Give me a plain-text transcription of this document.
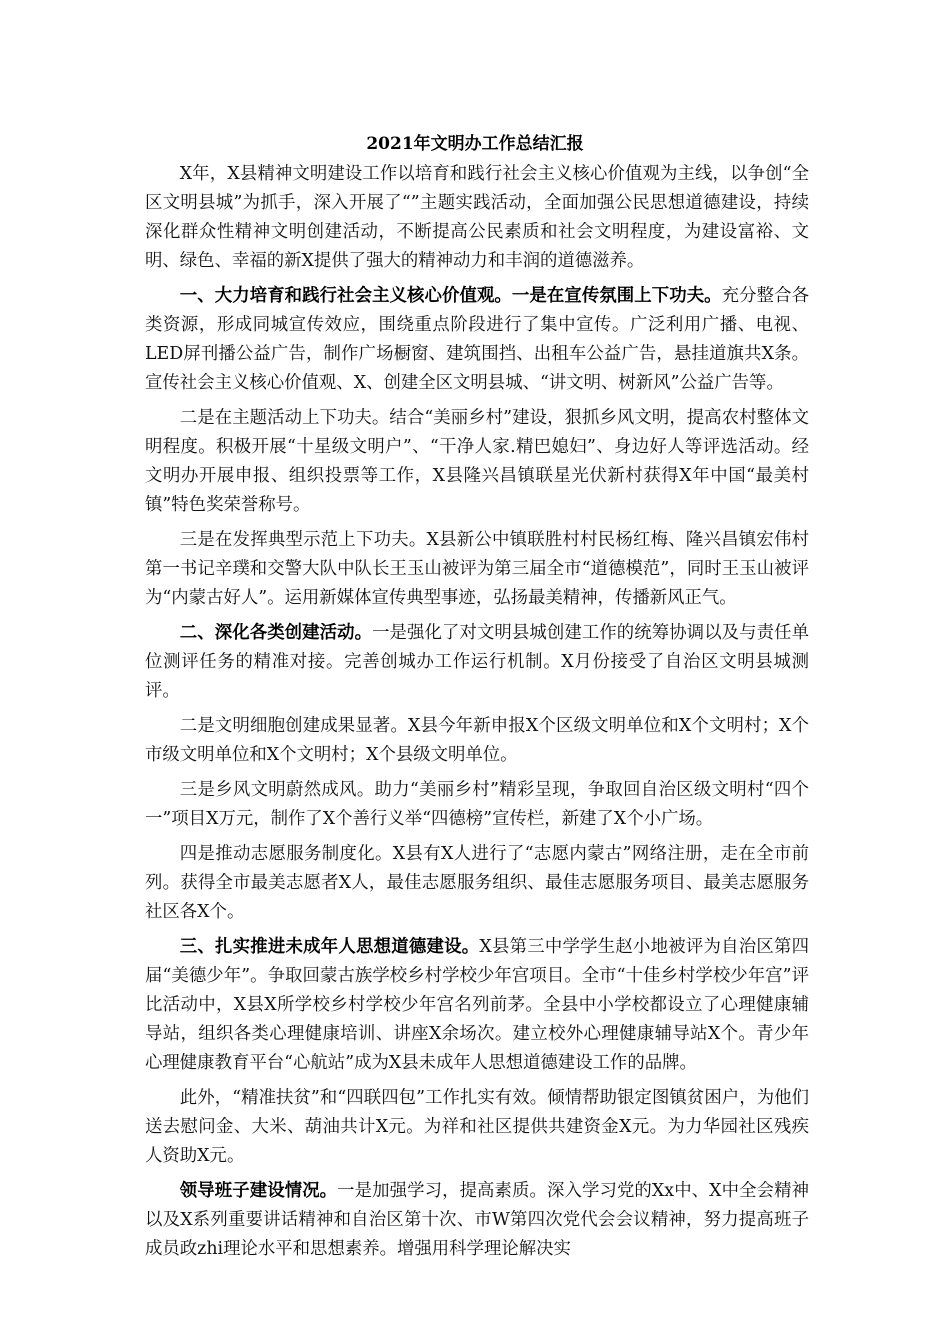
2021年文明办工作总结汇报

X年，X县精神文明建设工作以培育和践行社会主义核心价值观为主线，以争创“全区文明县城”为抓手，深入开展了“”主题实践活动，全面加强公民思想道德建设，持续深化群众性精神文明创建活动，不断提高公民素质和社会文明程度，为建设富裕、文明、绿色、幸福的新X提供了强大的精神动力和丰润的道德滋养。

一、大力培育和践行社会主义核心价值观。一是在宣传氛围上下功夫。充分整合各类资源，形成同城宣传效应，围绕重点阶段进行了集中宣传。广泛利用广播、电视、LED屏刊播公益广告，制作广场橱窗、建筑围挡、出租车公益广告，悬挂道旗共X条。宣传社会主义核心价值观、X、创建全区文明县城、“讲文明、树新风”公益广告等。

二是在主题活动上下功夫。结合“美丽乡村”建设，狠抓乡风文明，提高农村整体文明程度。积极开展“十星级文明户”、“干净人家.精巴媳妇”、身边好人等评选活动。经文明办开展申报、组织投票等工作，X县隆兴昌镇联星光伏新村获得X年中国“最美村镇”特色奖荣誉称号。

三是在发挥典型示范上下功夫。X县新公中镇联胜村村民杨红梅、隆兴昌镇宏伟村第一书记辛璞和交警大队中队长王玉山被评为第三届全市“道德模范”，同时王玉山被评为“内蒙古好人”。运用新媒体宣传典型事迹，弘扬最美精神，传播新风正气。

二、深化各类创建活动。一是强化了对文明县城创建工作的统筹协调以及与责任单位测评任务的精准对接。完善创城办工作运行机制。X月份接受了自治区文明县城测评。

二是文明细胞创建成果显著。X县今年新申报X个区级文明单位和X个文明村；X个市级文明单位和X个文明村；X个县级文明单位。

三是乡风文明蔚然成风。助力“美丽乡村”精彩呈现，争取回自治区级文明村“四个一”项目X万元，制作了X个善行义举“四德榜”宣传栏，新建了X个小广场。

四是推动志愿服务制度化。X县有X人进行了“志愿内蒙古”网络注册，走在全市前列。获得全市最美志愿者X人，最佳志愿服务组织、最佳志愿服务项目、最美志愿服务社区各X个。

三、扎实推进未成年人思想道德建设。X县第三中学学生赵小地被评为自治区第四届“美德少年”。争取回蒙古族学校乡村学校少年宫项目。全市“十佳乡村学校少年宫”评比活动中，X县X所学校乡村学校少年宫名列前茅。全县中小学校都设立了心理健康辅导站，组织各类心理健康培训、讲座X余场次。建立校外心理健康辅导站X个。青少年心理健康教育平台“心航站”成为X县未成年人思想道德建设工作的品牌。

此外，“精准扶贫”和“四联四包”工作扎实有效。倾情帮助银定图镇贫困户，为他们送去慰问金、大米、葫油共计X元。为祥和社区提供共建资金X元。为力华园社区残疾人资助X元。

领导班子建设情况。一是加强学习，提高素质。深入学习党的Xx中、X中全会精神以及X系列重要讲话精神和自治区第十次、市W第四次党代会会议精神，努力提高班子成员政zhi理论水平和思想素养。增强用科学理论解决实
